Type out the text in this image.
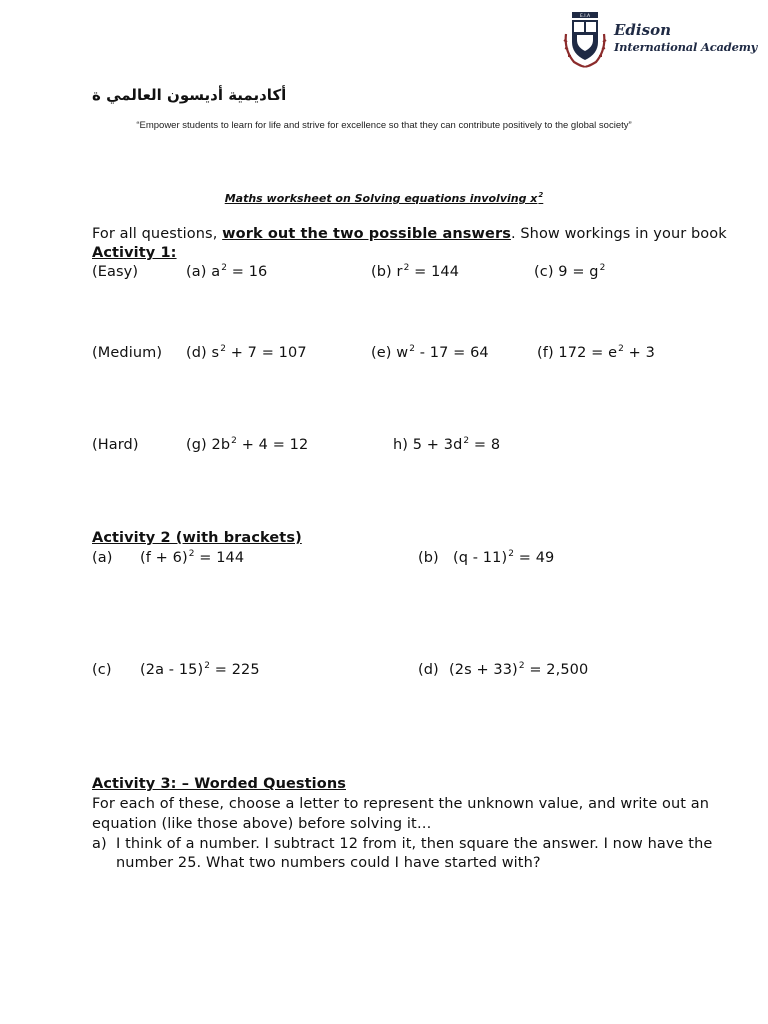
E.I.A
Edison
International Academy
أكاديمية أديسون العالمي ة
“Empower students to learn for life and strive for excellence so that they can contribute positively to the global society”
Maths worksheet on Solving equations involving $x^2$
For all questions, work out the two possible answers. Show workings in your book
Activity 1:
(Easy)	(a) $a^2 = 16$	(b) $r^2 = 144$	(c) $9 = g^2$
(Medium) (d) $s^2 + 7 = 107$	(e) $w^2 - 17 = 64$	(f) $172 = e^2 + 3$
(Hard)	(g) $2b^2 + 4 = 12$	h) $5 + 3d^2 = 8$
Activity 2 (with brackets)
(a) $(f + 6)^2 = 144$	(b) (q - 11)$^2$ = 49
(c) (2a - 15)$^2$ = 225	(d) $(2s + 33)^2 = 2,500$
Activity 3: – Worded Questions
For each of these, choose a letter to represent the unknown value, and write out an
equation (like those above) before solving it…
a) I think of a number. I subtract 12 from it, then square the answer. I now have the
number 25. What two numbers could I have started with?
